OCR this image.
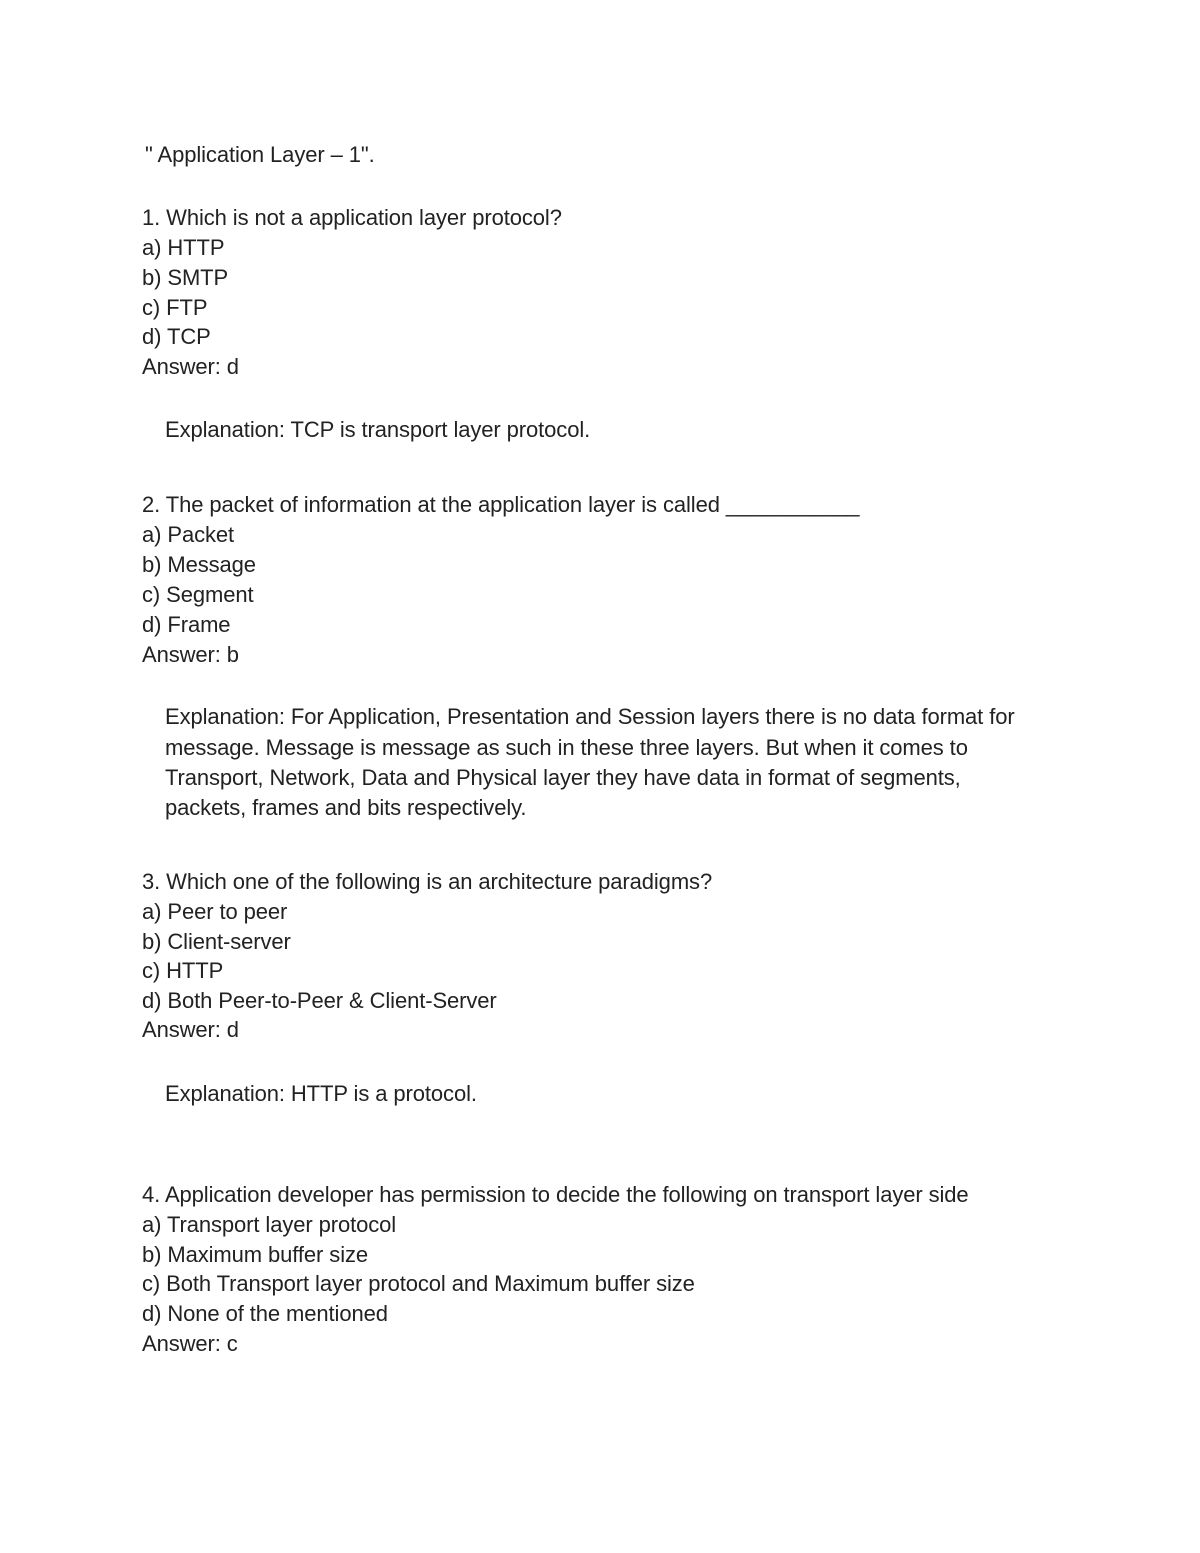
" Application Layer – 1".
1. Which is not a application layer protocol?
a) HTTP
b) SMTP
c) FTP
d) TCP
Answer: d
Explanation: TCP is transport layer protocol.
2. The packet of information at the application layer is called ___________
a) Packet
b) Message
c) Segment
d) Frame
Answer: b
Explanation: For Application, Presentation and Session layers there is no data format for
message. Message is message as such in these three layers. But when it comes to
Transport, Network, Data and Physical layer they have data in format of segments,
packets, frames and bits respectively.
3. Which one of the following is an architecture paradigms?
a) Peer to peer
b) Client-server
c) HTTP
d) Both Peer-to-Peer & Client-Server
Answer: d
Explanation: HTTP is a protocol.
4. Application developer has permission to decide the following on transport layer side
a) Transport layer protocol
b) Maximum buffer size
c) Both Transport layer protocol and Maximum buffer size
d) None of the mentioned
Answer: c
